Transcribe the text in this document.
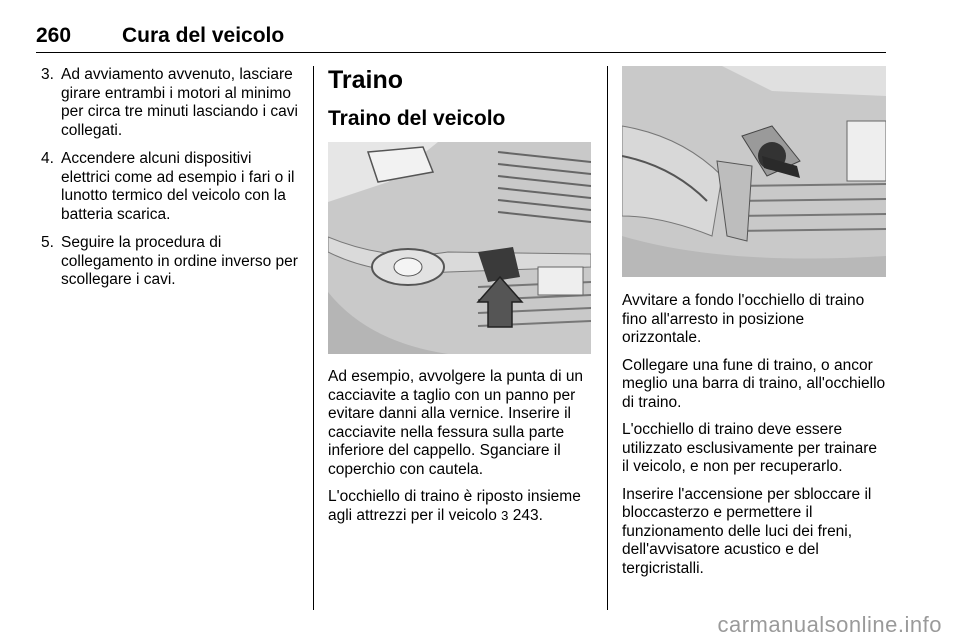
260 Cura del veicolo
3. Ad avviamento avvenuto, lasciare girare entrambi i motori al minimo per circa tre minuti lasciando i cavi collegati.
4. Accendere alcuni dispositivi elettrici come ad esempio i fari o il lunotto termico del veicolo con la batteria scarica.
5. Seguire la procedura di collegamento in ordine inverso per scollegare i cavi.
Traino
Traino del veicolo

Ad esempio, avvolgere la punta di un cacciavite a taglio con un panno per evitare danni alla vernice. Inserire il cacciavite nella fessura sulla parte inferiore del cappello. Sganciare il coperchio con cautela.

L'occhiello di traino è riposto insieme agli attrezzi per il veicolo 3 243.

Avvitare a fondo l'occhiello di traino fino all'arresto in posizione orizzontale.

Collegare una fune di traino, o ancor meglio una barra di traino, all'occhiello di traino.

L'occhiello di traino deve essere utilizzato esclusivamente per trainare il veicolo, e non per recuperarlo.

Inserire l'accensione per sbloccare il bloccasterzo e permettere il funzionamento delle luci dei freni, dell'avvisatore acustico e del tergicristalli.

carmanualsonline.info
